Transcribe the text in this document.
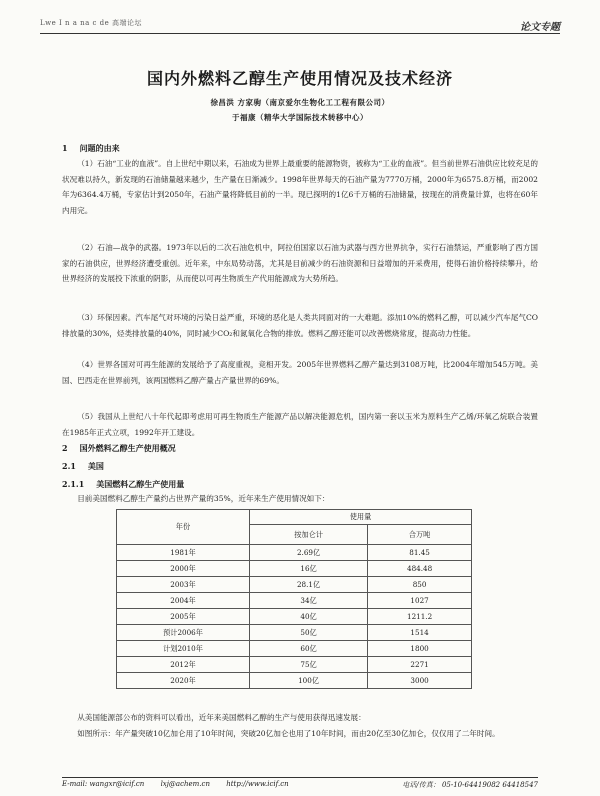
Lwe I n a na c de 高端论坛	论文专题
国内外燃料乙醇生产使用情况及技术经济
徐昌洪 方家驹（南京爱尔生物化工工程有限公司）
于福康（精华大学国际技术转移中心）
1 问题的由来

（1）石油“工业的血液”。自上世纪中期以来，石油成为世界上最重要的能源物资，被称为“工业的血液”。但当前世界石油供应比较充足的状况难以持久，新发现的石油储量越来越少，生产量在日渐减少。1998年世界每天的石油产量为7770万桶，2000年为6575.8万桶，而2002年为6364.4万桶，专家估计到2050年，石油产量将降低目前的一半。现已探明的1亿6千万桶的石油储量，按现在的消费量计算，也将在60年内用完。

（2）石油—战争的武器。1973年以后的二次石油危机中，阿拉伯国家以石油为武器与西方世界抗争，实行石油禁运，严重影响了西方国家的石油供应，世界经济遭受重创。近年来，中东局势动荡，尤其是目前减少的石油资源和日益增加的开采费用，使得石油价格持续攀升，给世界经济的发展投下浓重的阴影，从而使以可再生物质生产代用能源成为大势所趋。

（3）环保因素。汽车尾气对环境的污染日益严重，环境的恶化是人类共同面对的一大难题。添加10%的燃料乙醇，可以减少汽车尾气CO排放量的30%，烃类排放量的40%，同时减少CO₂和氮氧化合物的排放。燃料乙醇还能可以改善燃烧常度，提高动力性能。

（4）世界各国对可再生能源的发展给予了高度重视，竞相开发。2005年世界燃料乙醇产量达到3108万吨，比2004年增加545万吨。美国、巴西走在世界前列，该两国燃料乙醇产量占产量世界的69%。

（5）我国从上世纪八十年代起即考虑用可再生物质生产能源产品以解决能源危机，国内第一套以玉米为原料生产乙烯/环氧乙烷联合装置在1985年正式立项，1992年开工建设。

2 国外燃料乙醇生产使用概况
2.1 美国
2.1.1 美国燃料乙醇生产使用量

目前美国燃料乙醇生产量约占世界产量的35%，近年来生产使用情况如下：

年份	使用量	
	按加仑计	合万吨
1981年	2.69亿	81.45
2000年	16亿	484.48
2003年	28.1亿	850
2004年	34亿	1027
2005年	40亿	1211.2
预计2006年	50亿	1514
计划2010年	60亿	1800
2012年	75亿	2271
2020年	100亿	3000

从美国能源部公布的资料可以看出，近年来美国燃料乙醇的生产与使用获得迅速发展：

如图所示：年产量突破10亿加仑用了10年时间，突破20亿加仑也用了10年时间，而由20亿至30亿加仑，仅仅用了二年时间。

E-mail: wangxr@icif.cn lxj@achem.cn http://www.icif.cn	电话/传真： 05-10-64419082 64418547
